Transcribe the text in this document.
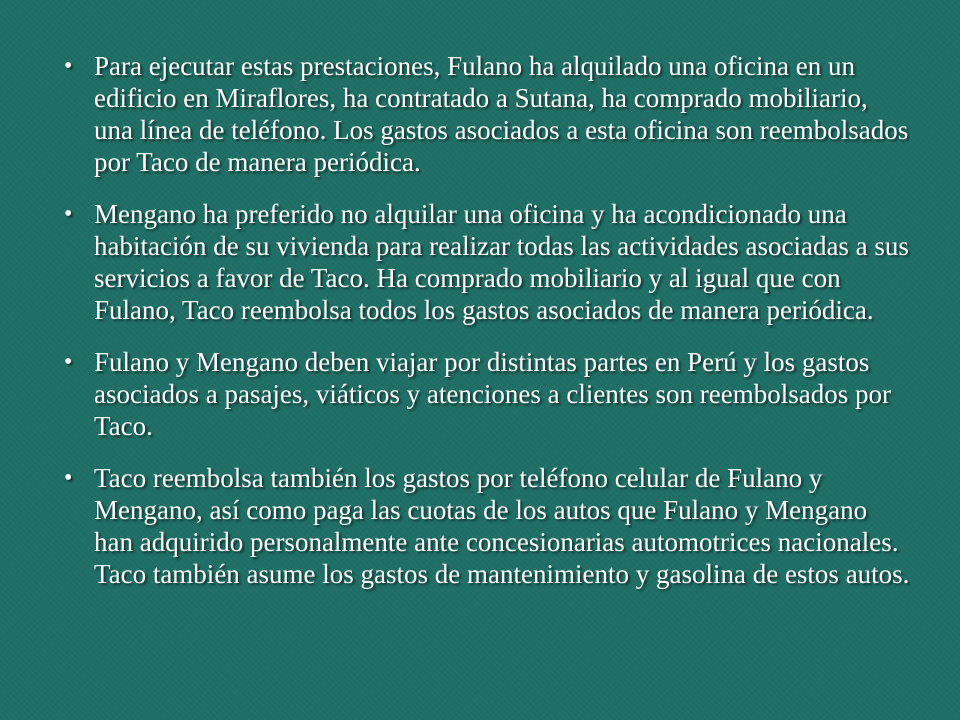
• Para ejecutar estas prestaciones, Fulano ha alquilado una oficina en un edificio en Miraflores, ha contratado a Sutana, ha comprado mobiliario, una línea de teléfono. Los gastos asociados a esta oficina son reembolsados por Taco de manera periódica.
• Mengano ha preferido no alquilar una oficina y ha acondicionado una habitación de su vivienda para realizar todas las actividades asociadas a sus servicios a favor de Taco. Ha comprado mobiliario y al igual que con Fulano, Taco reembolsa todos los gastos asociados de manera periódica.
• Fulano y Mengano deben viajar por distintas partes en Perú y los gastos asociados a pasajes, viáticos y atenciones a clientes son reembolsados por Taco.
• Taco reembolsa también los gastos por teléfono celular de Fulano y Mengano, así como paga las cuotas de los autos que Fulano y Mengano han adquirido personalmente ante concesionarias automotrices nacionales. Taco también asume los gastos de mantenimiento y gasolina de estos autos.
